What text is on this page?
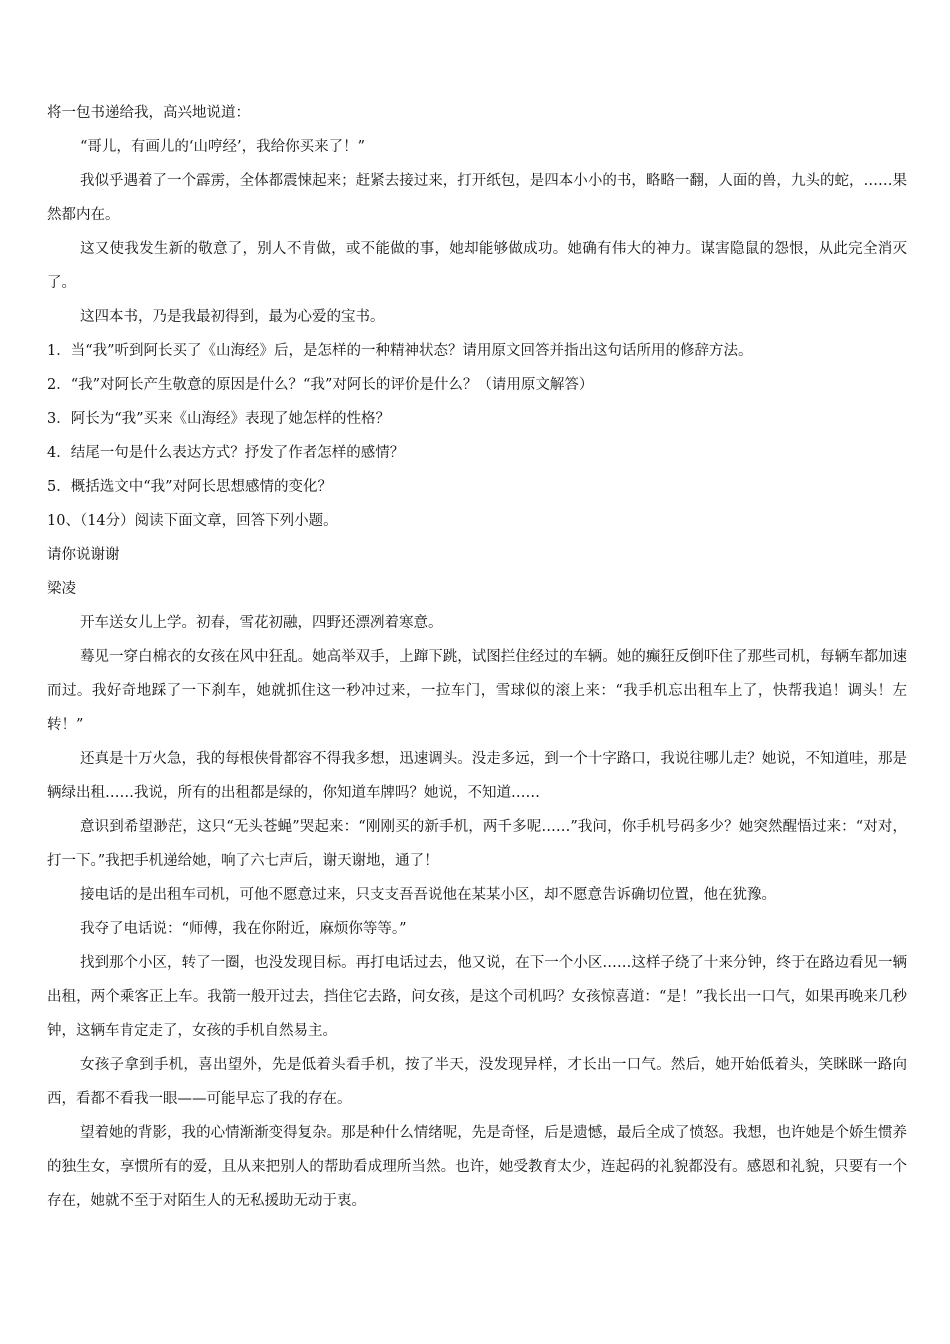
将一包书递给我，高兴地说道：

“哥儿，有画儿的‘山哼经’，我给你买来了！”

我似乎遇着了一个霹雳，全体都震悚起来；赶紧去接过来，打开纸包，是四本小小的书，略略一翻，人面的兽，九头的蛇，……果然都内在。

这又使我发生新的敬意了，别人不肯做，或不能做的事，她却能够做成功。她确有伟大的神力。谋害隐鼠的怨恨，从此完全消灭了。

这四本书，乃是我最初得到，最为心爱的宝书。

1．当“我”听到阿长买了《山海经》后，是怎样的一种精神状态？请用原文回答并指出这句话所用的修辞方法。

2．“我”对阿长产生敬意的原因是什么？“我”对阿长的评价是什么？（请用原文解答）

3．阿长为“我”买来《山海经》表现了她怎样的性格？

4．结尾一句是什么表达方式？抒发了作者怎样的感情？

5．概括选文中“我”对阿长思想感情的变化？

10、（14分）阅读下面文章，回答下列小题。

请你说谢谢

梁凌

开车送女儿上学。初春，雪花初融，四野还漂冽着寒意。

蓦见一穿白棉衣的女孩在风中狂乱。她高举双手，上蹿下跳，试图拦住经过的车辆。她的癫狂反倒吓住了那些司机，每辆车都加速而过。我好奇地踩了一下刹车，她就抓住这一秒冲过来，一拉车门，雪球似的滚上来：“我手机忘出租车上了，快帮我追！调头！左转！”

还真是十万火急，我的每根侠骨都容不得我多想，迅速调头。没走多远，到一个十字路口，我说往哪儿走？她说，不知道哇，那是辆绿出租……我说，所有的出租都是绿的，你知道车牌吗？她说，不知道……

意识到希望渺茫，这只“无头苍蝇”哭起来：“刚刚买的新手机，两千多呢……”我问，你手机号码多少？她突然醒悟过来：“对对，打一下。”我把手机递给她，响了六七声后，谢天谢地，通了！

接电话的是出租车司机，可他不愿意过来，只支支吾吾说他在某某小区，却不愿意告诉确切位置，他在犹豫。

我夺了电话说：“师傅，我在你附近，麻烦你等等。”

找到那个小区，转了一圈，也没发现目标。再打电话过去，他又说，在下一个小区……这样子绕了十来分钟，终于在路边看见一辆出租，两个乘客正上车。我箭一般开过去，挡住它去路，问女孩，是这个司机吗？女孩惊喜道：“是！”我长出一口气，如果再晚来几秒钟，这辆车肯定走了，女孩的手机自然易主。

女孩子拿到手机，喜出望外，先是低着头看手机，按了半天，没发现异样，才长出一口气。然后，她开始低着头，笑眯眯一路向西，看都不看我一眼——可能早忘了我的存在。

望着她的背影，我的心情渐渐变得复杂。那是种什么情绪呢，先是奇怪，后是遗憾，最后全成了愤怒。我想，也许她是个娇生惯养的独生女，享惯所有的爱，且从来把别人的帮助看成理所当然。也许，她受教育太少，连起码的礼貌都没有。感恩和礼貌，只要有一个存在，她就不至于对陌生人的无私援助无动于衷。
